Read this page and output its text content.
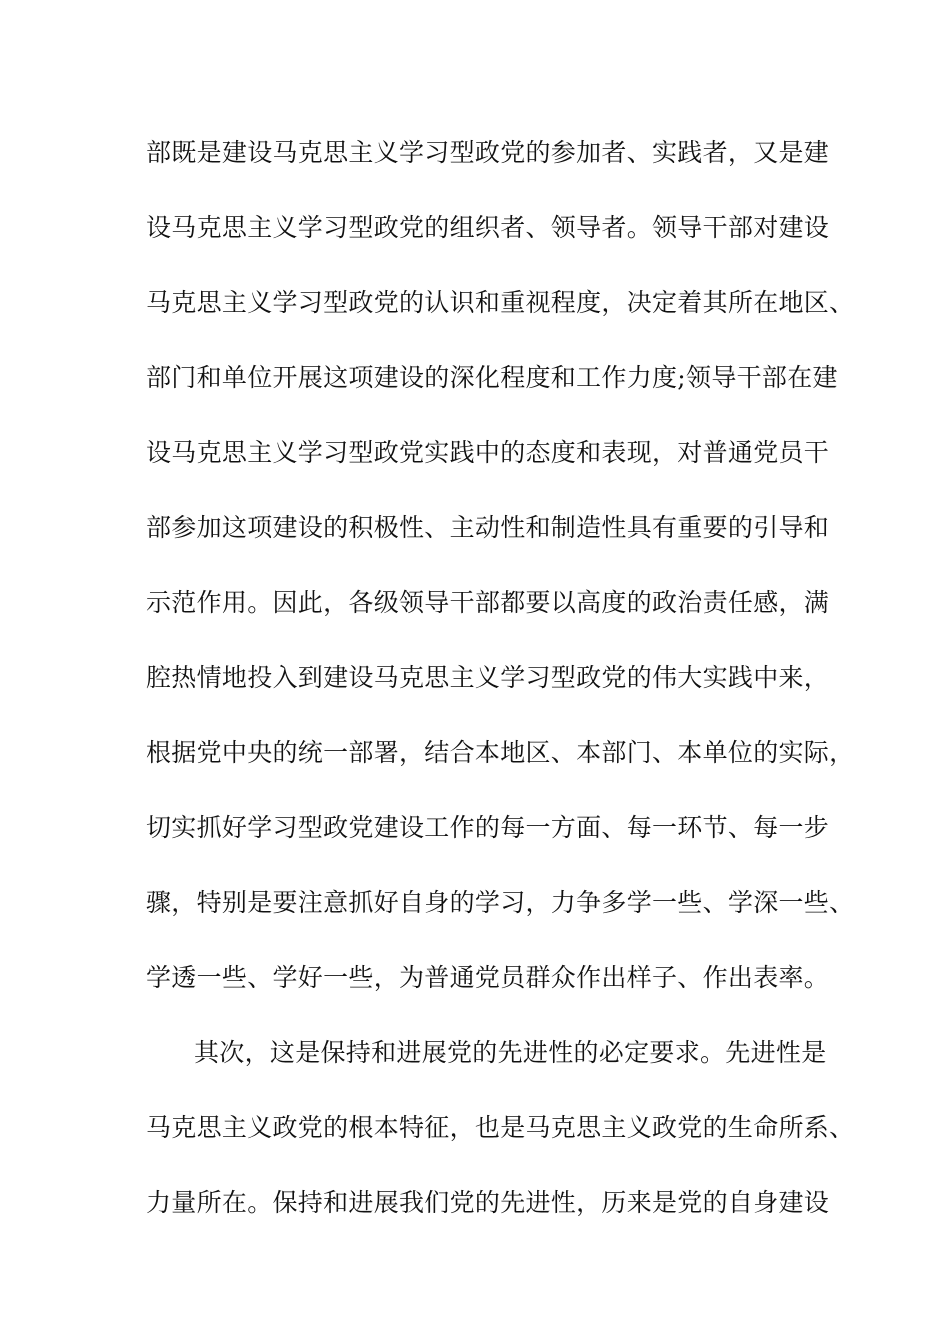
部既是建设马克思主义学习型政党的参加者、实践者，又是建
设马克思主义学习型政党的组织者、领导者。领导干部对建设
马克思主义学习型政党的认识和重视程度，决定着其所在地区、
部门和单位开展这项建设的深化程度和工作力度;领导干部在建
设马克思主义学习型政党实践中的态度和表现，对普通党员干
部参加这项建设的积极性、主动性和制造性具有重要的引导和
示范作用。因此，各级领导干部都要以高度的政治责任感，满
腔热情地投入到建设马克思主义学习型政党的伟大实践中来，
根据党中央的统一部署，结合本地区、本部门、本单位的实际，
切实抓好学习型政党建设工作的每一方面、每一环节、每一步
骤，特别是要注意抓好自身的学习，力争多学一些、学深一些、
学透一些、学好一些，为普通党员群众作出样子、作出表率。
其次，这是保持和进展党的先进性的必定要求。先进性是
马克思主义政党的根本特征，也是马克思主义政党的生命所系、
力量所在。保持和进展我们党的先进性，历来是党的自身建设
